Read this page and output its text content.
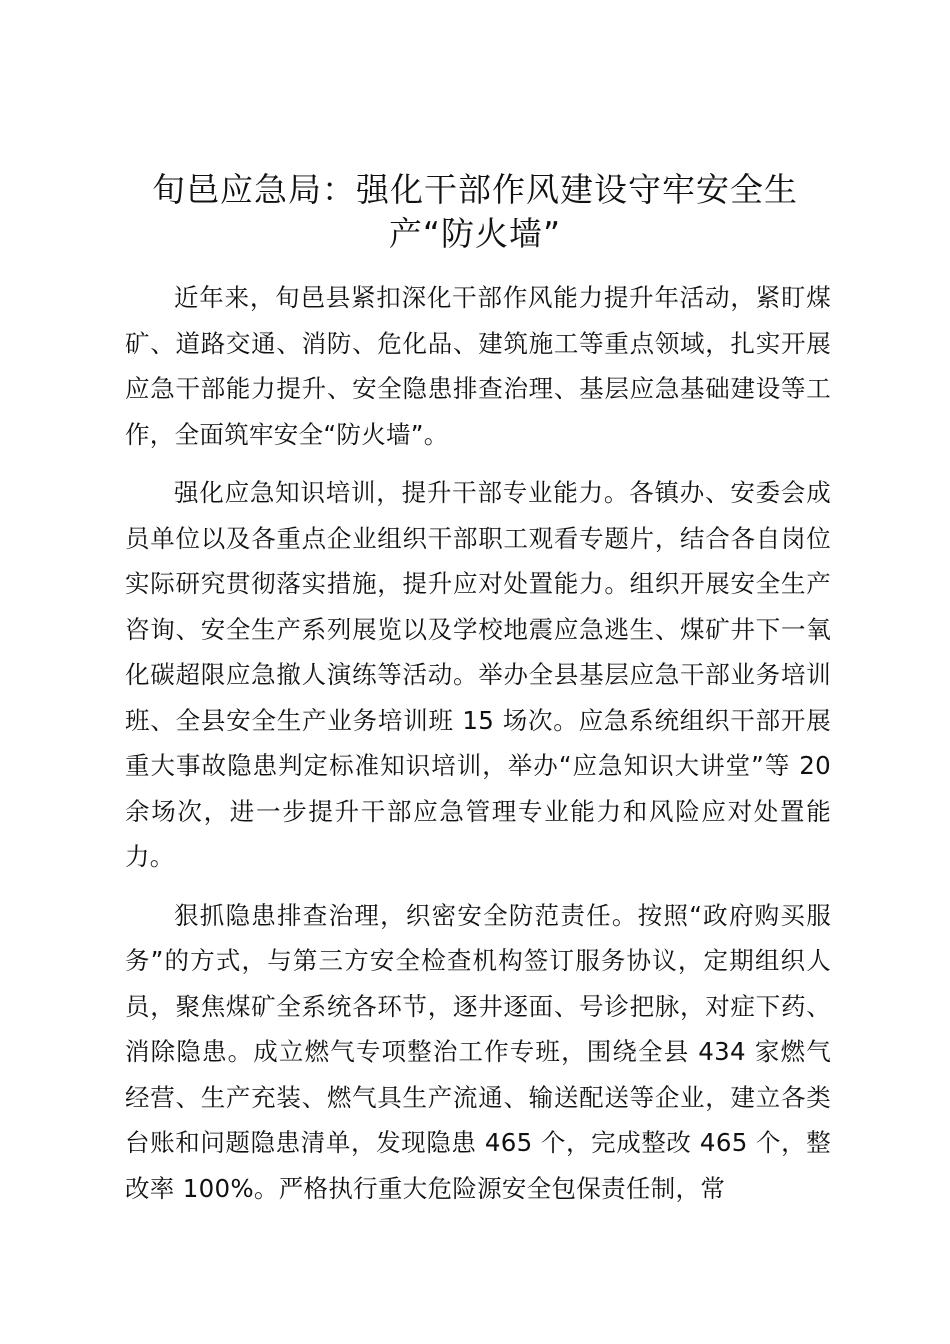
旬邑应急局：强化干部作风建设守牢安全生产“防火墙”

近年来，旬邑县紧扣深化干部作风能力提升年活动，紧盯煤矿、道路交通、消防、危化品、建筑施工等重点领域，扎实开展应急干部能力提升、安全隐患排查治理、基层应急基础建设等工作，全面筑牢安全“防火墙”。

强化应急知识培训，提升干部专业能力。各镇办、安委会成员单位以及各重点企业组织干部职工观看专题片，结合各自岗位实际研究贯彻落实措施，提升应对处置能力。组织开展安全生产咨询、安全生产系列展览以及学校地震应急逃生、煤矿井下一氧化碳超限应急撤人演练等活动。举办全县基层应急干部业务培训班、全县安全生产业务培训班 15 场次。应急系统组织干部开展重大事故隐患判定标准知识培训，举办“应急知识大讲堂”等 20 余场次，进一步提升干部应急管理专业能力和风险应对处置能力。

狠抓隐患排查治理，织密安全防范责任。按照“政府购买服务”的方式，与第三方安全检查机构签订服务协议，定期组织人员，聚焦煤矿全系统各环节，逐井逐面、号诊把脉，对症下药、消除隐患。成立燃气专项整治工作专班，围绕全县 434 家燃气经营、生产充装、燃气具生产流通、输送配送等企业，建立各类台账和问题隐患清单，发现隐患 465 个，完成整改 465 个，整改率 100%。严格执行重大危险源安全包保责任制，常
